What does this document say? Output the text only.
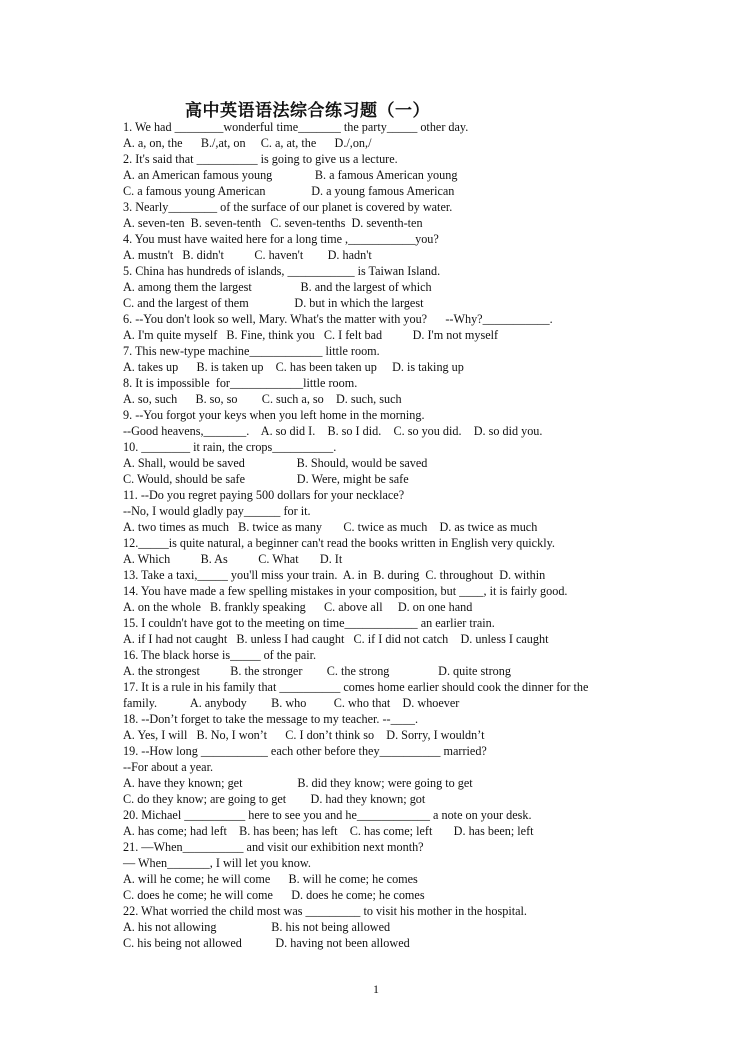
高中英语语法综合练习题（一）
1. We had ________wonderful time_______ the party_____ other day.
A. a, on, the      B./,at, on     C. a, at, the      D./,on,/
2. It's said that __________ is going to give us a lecture.
A. an American famous young              B. a famous American young
C. a famous young American               D. a young famous American
3. Nearly________ of the surface of our planet is covered by water.
A. seven-ten  B. seven-tenth   C. seven-tenths  D. seventh-ten
4. You must have waited here for a long time ,___________you?
A. mustn't   B. didn't          C. haven't        D. hadn't
5. China has hundreds of islands, ___________ is Taiwan Island.
A. among them the largest                B. and the largest of which
C. and the largest of them               D. but in which the largest
6. --You don't look so well, Mary. What's the matter with you?      --Why?___________.
A. I'm quite myself   B. Fine, think you   C. I felt bad          D. I'm not myself
7. This new-type machine____________ little room.
A. takes up      B. is taken up    C. has been taken up     D. is taking up
8. It is impossible  for____________little room.
A. so, such      B. so, so        C. such a, so    D. such, such
9. --You forgot your keys when you left home in the morning.
--Good heavens,_______.    A. so did I.    B. so I did.    C. so you did.    D. so did you.
10. ________ it rain, the crops__________.
A. Shall, would be saved                 B. Should, would be saved
C. Would, should be safe                 D. Were, might be safe
11. --Do you regret paying 500 dollars for your necklace?
--No, I would gladly pay______ for it.
A. two times as much   B. twice as many       C. twice as much    D. as twice as much
12._____is quite natural, a beginner can't read the books written in English very quickly.
A. Which          B. As          C. What       D. It
13. Take a taxi,_____ you'll miss your train.  A. in  B. during  C. throughout  D. within
14. You have made a few spelling mistakes in your composition, but ____, it is fairly good.
A. on the whole   B. frankly speaking      C. above all     D. on one hand
15. I couldn't have got to the meeting on time____________ an earlier train.
A. if I had not caught   B. unless I had caught   C. if I did not catch    D. unless I caught
16. The black horse is_____ of the pair.
A. the strongest          B. the stronger        C. the strong                D. quite strong
17. It is a rule in his family that __________ comes home earlier should cook the dinner for the
family.           A. anybody        B. who         C. who that    D. whoever
18. --Don’t forget to take the message to my teacher. --____.
A. Yes, I will   B. No, I won’t      C. I don’t think so    D. Sorry, I wouldn’t
19. --How long ___________ each other before they__________ married?
--For about a year.
A. have they known; get                  B. did they know; were going to get
C. do they know; are going to get        D. had they known; got
20. Michael __________ here to see you and he____________ a note on your desk.
A. has come; had left    B. has been; has left    C. has come; left       D. has been; left
21. —When__________ and visit our exhibition next month?
— When_______, I will let you know.
A. will he come; he will come      B. will he come; he comes
C. does he come; he will come      D. does he come; he comes
22. What worried the child most was _________ to visit his mother in the hospital.
A. his not allowing                  B. his not being allowed
C. his being not allowed           D. having not been allowed
1
